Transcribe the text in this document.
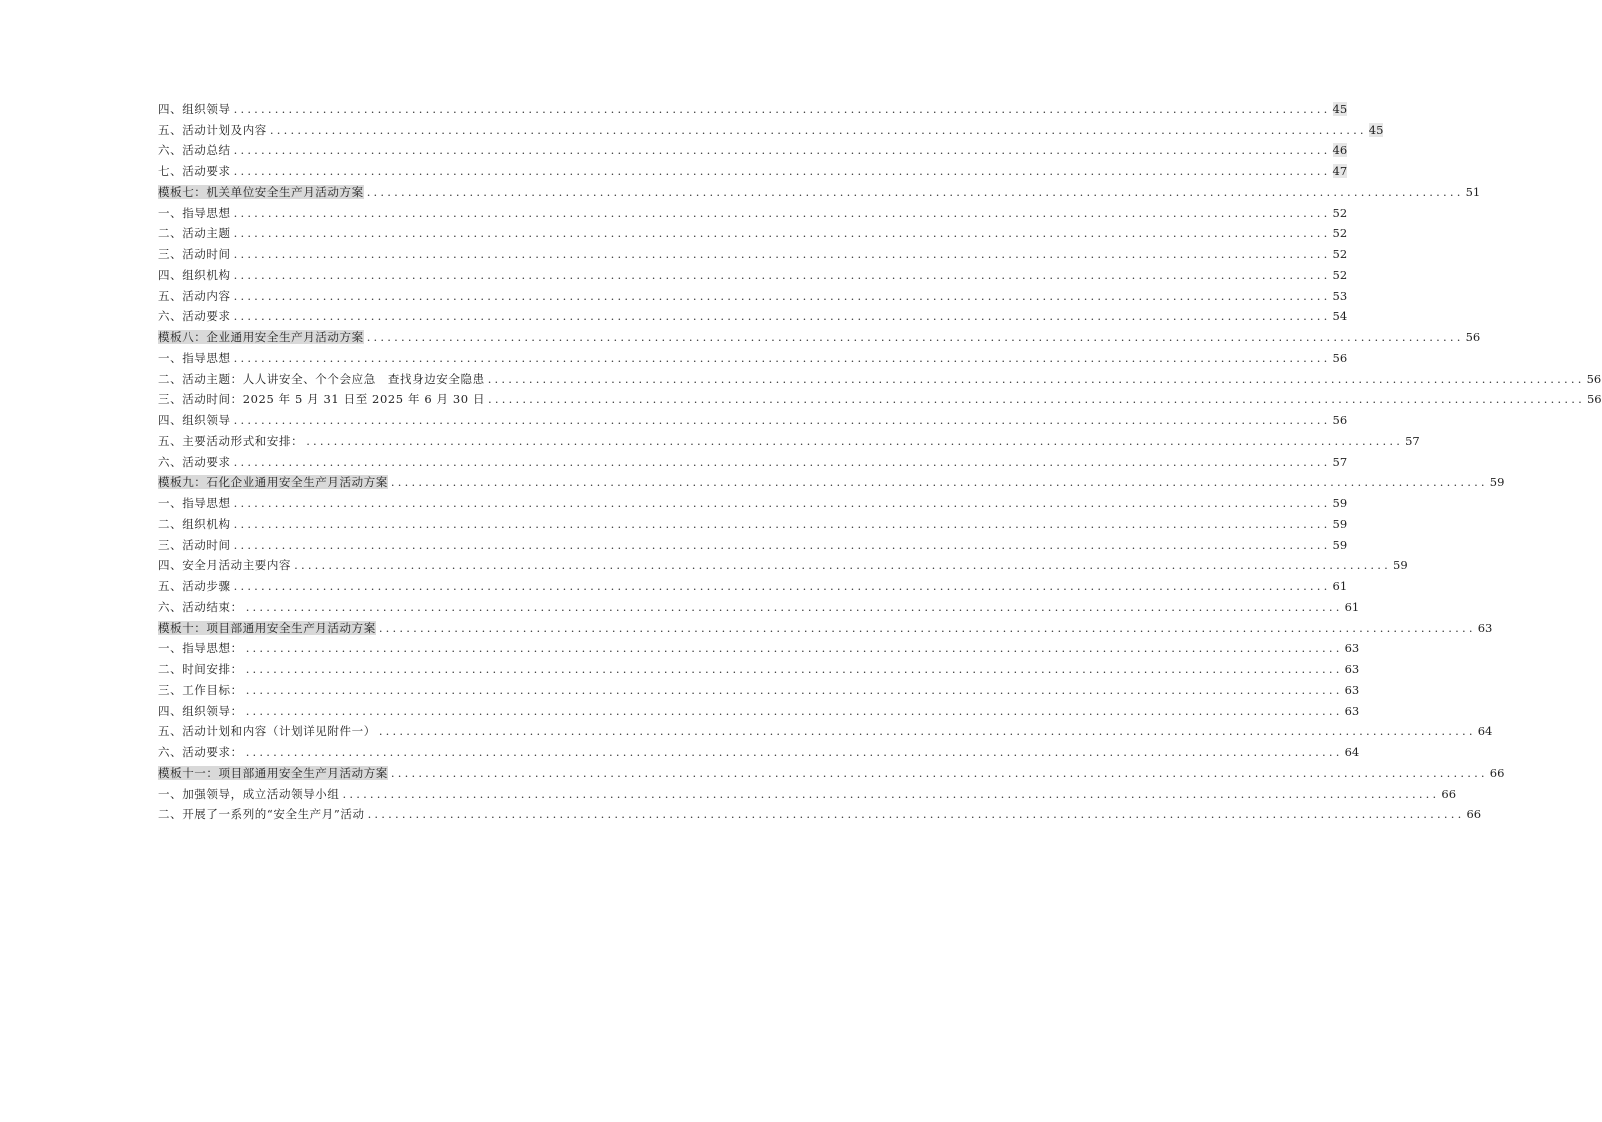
四、组织领导 ................................................................................................................................................................ 45
五、活动计划及内容 ................................................................................................................................................................ 45
六、活动总结 ................................................................................................................................................................ 46
七、活动要求 ................................................................................................................................................................ 47
模板七：机关单位安全生产月活动方案 ................................................................................................................................................................ 51
一、指导思想 ................................................................................................................................................................ 52
二、活动主题 ................................................................................................................................................................ 52
三、活动时间 ................................................................................................................................................................ 52
四、组织机构 ................................................................................................................................................................ 52
五、活动内容 ................................................................................................................................................................ 53
六、活动要求 ................................................................................................................................................................ 54
模板八：企业通用安全生产月活动方案 ................................................................................................................................................................ 56
一、指导思想 ................................................................................................................................................................ 56
二、活动主题：人人讲安全、个个会应急　查找身边安全隐患 ................................................................................................................................................................ 56
三、活动时间：2025 年 5 月 31 日至 2025 年 6 月 30 日 ................................................................................................................................................................ 56
四、组织领导 ................................................................................................................................................................ 56
五、主要活动形式和安排： ................................................................................................................................................................ 57
六、活动要求 ................................................................................................................................................................ 57
模板九：石化企业通用安全生产月活动方案 ................................................................................................................................................................ 59
一、指导思想 ................................................................................................................................................................ 59
二、组织机构 ................................................................................................................................................................ 59
三、活动时间 ................................................................................................................................................................ 59
四、安全月活动主要内容 ................................................................................................................................................................ 59
五、活动步骤 ................................................................................................................................................................ 61
六、活动结束： ................................................................................................................................................................ 61
模板十：项目部通用安全生产月活动方案 ................................................................................................................................................................ 63
一、指导思想： ................................................................................................................................................................ 63
二、时间安排： ................................................................................................................................................................ 63
三、工作目标： ................................................................................................................................................................ 63
四、组织领导： ................................................................................................................................................................ 63
五、活动计划和内容（计划详见附件一） ................................................................................................................................................................ 64
六、活动要求： ................................................................................................................................................................ 64
模板十一：项目部通用安全生产月活动方案 ................................................................................................................................................................ 66
一、加强领导，成立活动领导小组 ................................................................................................................................................................ 66
二、开展了一系列的“安全生产月”活动 ................................................................................................................................................................ 66
